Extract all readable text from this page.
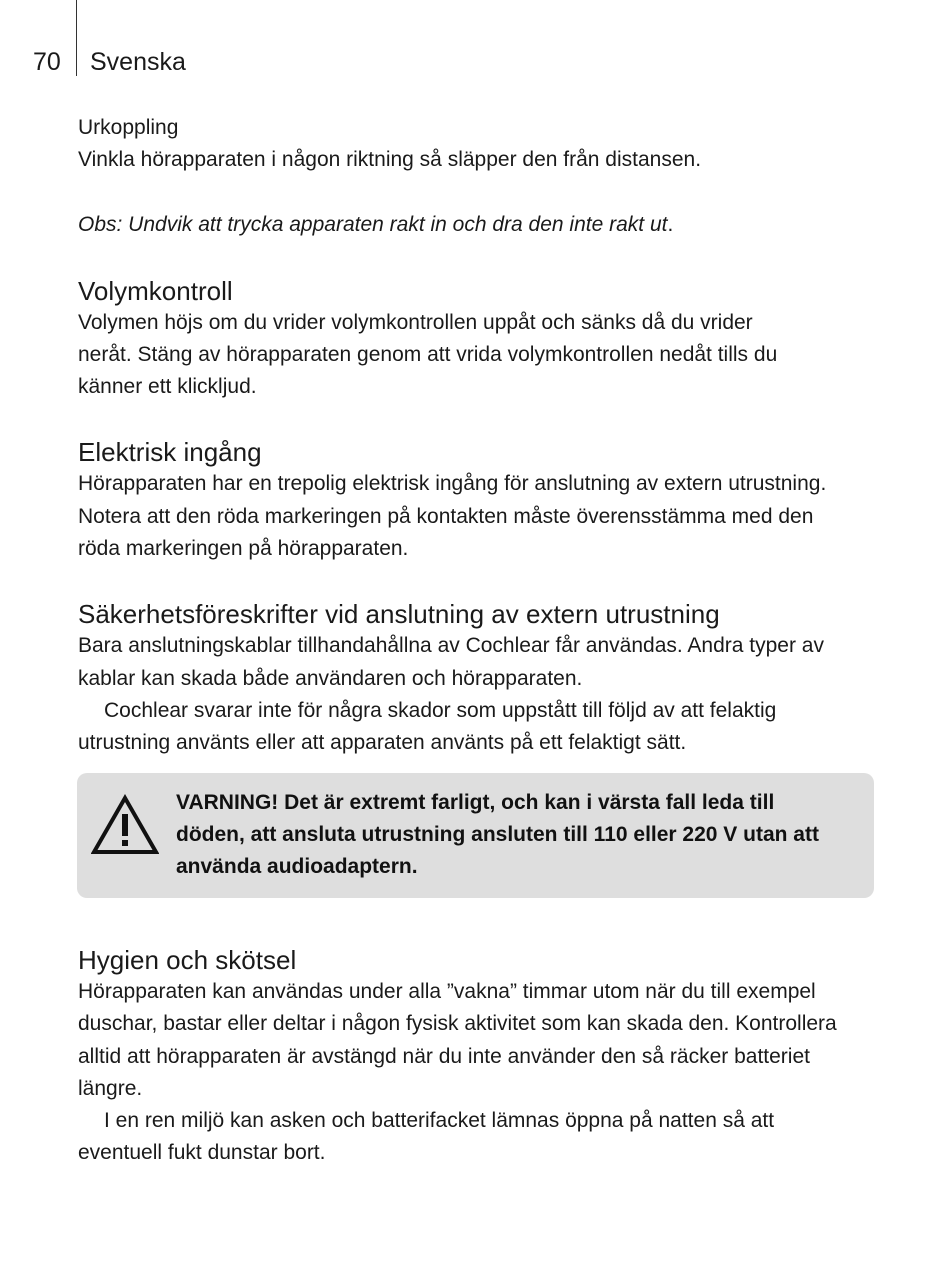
70 Svenska
Urkoppling

Vinkla hörapparaten i någon riktning så släpper den från distansen.

Obs: Undvik att trycka apparaten rakt in och dra den inte rakt ut.

Volymkontroll

Volymen höjs om du vrider volymkontrollen uppåt och sänks då du vrider

neråt. Stäng av hörapparaten genom att vrida volymkontrollen nedåt tills du

känner ett klickljud.

Elektrisk ingång

Hörapparaten har en trepolig elektrisk ingång för anslutning av extern utrustning.

Notera att den röda markeringen på kontakten måste överensstämma med den

röda markeringen på hörapparaten.

Säkerhetsföreskrifter vid anslutning av extern utrustning

Bara anslutningskablar tillhandahållna av Cochlear får användas. Andra typer av

kablar kan skada både användaren och hörapparaten.

Cochlear svarar inte för några skador som uppstått till följd av att felaktig

utrustning använts eller att apparaten använts på ett felaktigt sätt.

VARNING! Det är extremt farligt, och kan i värsta fall leda till
döden, att ansluta utrustning ansluten till 110 eller 220 V utan att
använda audioadaptern.
Hygien och skötsel

Hörapparaten kan användas under alla ”vakna” timmar utom när du till exempel

duschar, bastar eller deltar i någon fysisk aktivitet som kan skada den. Kontrollera

alltid att hörapparaten är avstängd när du inte använder den så räcker batteriet

längre.

I en ren miljö kan asken och batterifacket lämnas öppna på natten så att

eventuell fukt dunstar bort.
